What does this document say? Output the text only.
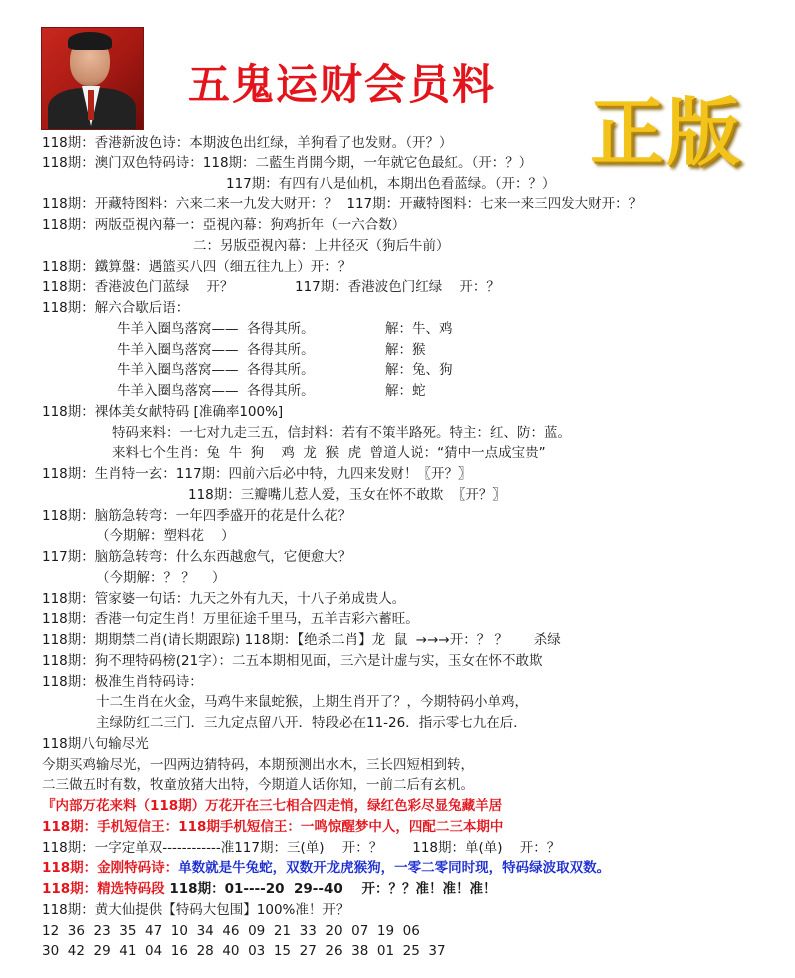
五鬼运财会员料
正版
118期：香港新波色诗：本期波色出红绿，羊狗看了也发财。（开？）
118期：澳门双色特码诗：118期：二藍生肖開今期，一年就它色最紅。（开：？）
117期：有四有八是仙机，本期出色看蓝绿。（开：？）
118期：开藏特图料：六来二来一九发大财开：？  117期：开藏特图料：七来一来三四发大财开：？
118期：两版亞視內幕一：亞視內幕：狗鸡折年（一六合数）
二：另版亞視內幕：上井径灭（狗后牛前）
118期：鐵算盤：遇篮买八四（细五往九上）开：？
118期：香港波色门蓝绿    开？	117期：香港波色门红绿    开：？
118期：解六合歇后语：
牛羊入圈鸟落窝——  各得其所。	解：牛、鸡
牛羊入圈鸟落窝——  各得其所。	解：猴
牛羊入圈鸟落窝——  各得其所。	解：兔、狗
牛羊入圈鸟落窝——  各得其所。	解：蛇
118期：裸体美女献特码 [准确率100%]
特码来料：一七对九走三五，信封料：若有不策半路死。特主：红、防：蓝。
来料七个生肖：兔  牛  狗    鸡  龙  猴  虎  曾道人说：“猜中一点成宝贵”
118期：生肖特一玄：117期：四前六后必中特，九四来发财！〖开？〗
118期：三瓣嘴儿惹人爱，玉女在怀不敢欺  〖开？〗
118期：脑筋急转弯：一年四季盛开的花是什么花？
（今期解：塑料花    ）
117期：脑筋急转弯：什么东西越愈气，它便愈大？
（今期解：？ ？    ）
118期：管家婆一句话：九天之外有九天，十八子弟成贵人。
118期：香港一句定生肖！万里征途千里马，五羊吉彩六蓄旺。
118期：期期禁二肖(请长期跟踪) 118期：【绝杀二肖】龙  鼠  →→→开：？ ？      杀绿
118期：狗不理特码榜(21字）：二五本期相见面，三六是计虚与实，玉女在怀不敢欺
118期：极准生肖特码诗：
十二生肖在火金，马鸡牛来鼠蛇猴，上期生肖开了？，今期特码小单鸡，
主绿防红二三门．三九定点留八开．特段必在11-26．指示零七九在后．
118期八句输尽光
今期买鸡输尽光，一四两边猜特码，本期预测出水木，三长四短相到转，
二三做五时有数，牧童放猪大出特，今期道人话你知，一前二后有玄机。
『内部万花来料（118期）万花开在三七相合四走悄，绿红色彩尽显兔藏羊居
118期：手机短信王：118期手机短信王：一鸣惊醒梦中人，四配二三本期中
118期：一字定单双------------准117期：三(单)    开：？       118期：单(单)    开：？
118期：金刚特码诗：单数就是牛兔蛇，双数开龙虎猴狗，一零二零同时现，特码绿波取双数。
118期：精选特码段 118期：01----20  29--40    开：？？准！准！准！
118期：黄大仙提供【特码大包围】100%准！开？
12  36  23  35  47  10  34  46  09  21  33  20  07  19  06
30  42  29  41  04  16  28  40  03  15  27  26  38  01  25  37
